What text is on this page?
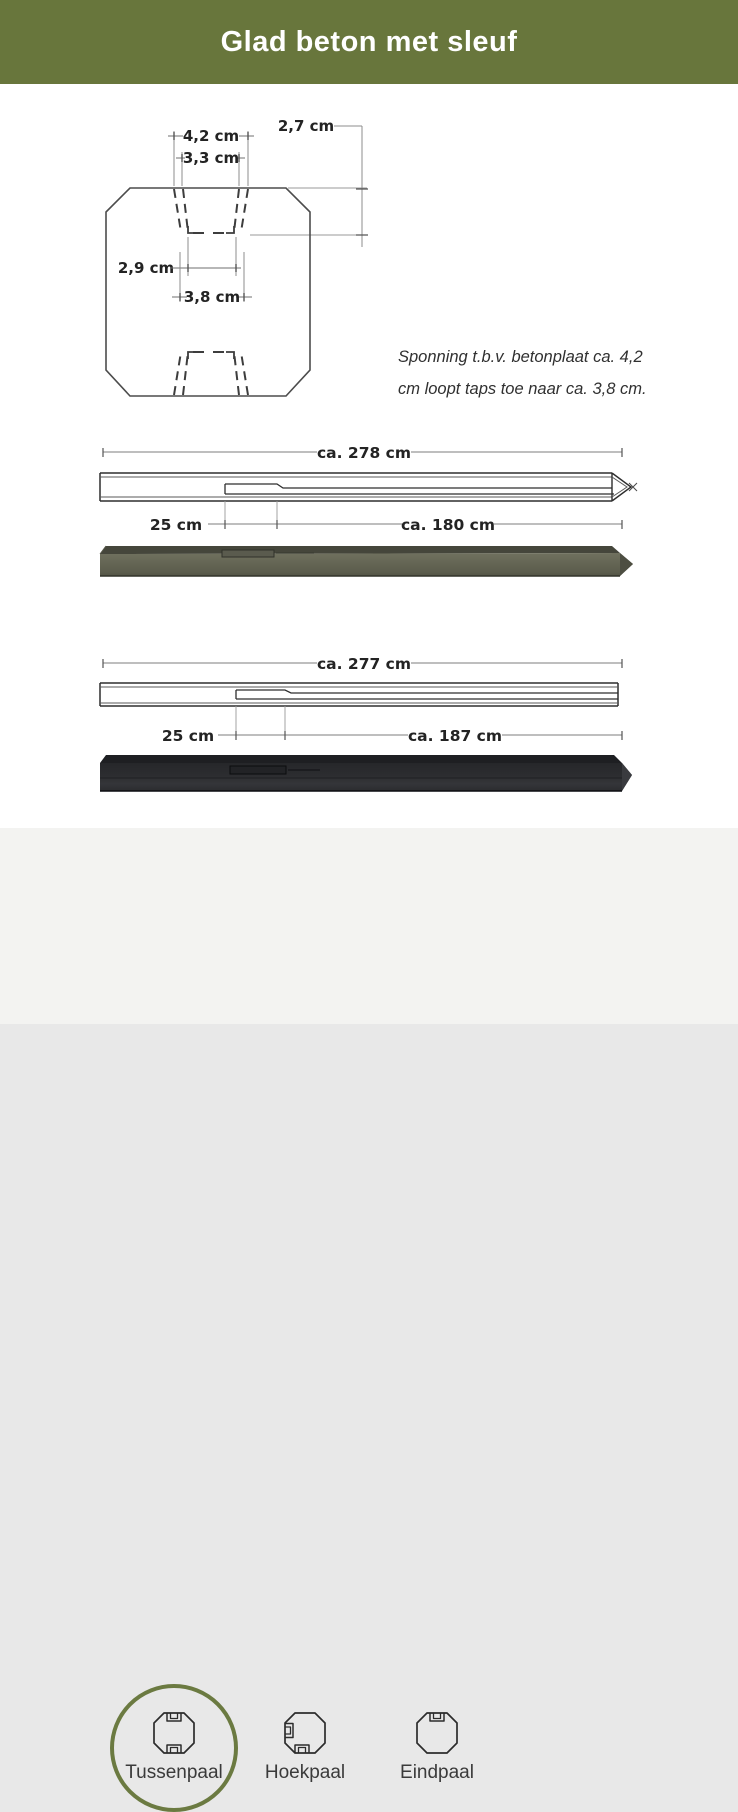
Glad beton met sleuf
4,2 cm
3,3 cm
2,7 cm
2,9 cm
3,8 cm
Sponning t.b.v. betonplaat ca. 4,2
cm loopt taps toe naar ca. 3,8 cm.
ca. 278 cm
25 cm	ca. 180 cm
ca. 277 cm
25 cm	ca. 187 cm
Tussenpaal Hoekpaal	Eindpaal
